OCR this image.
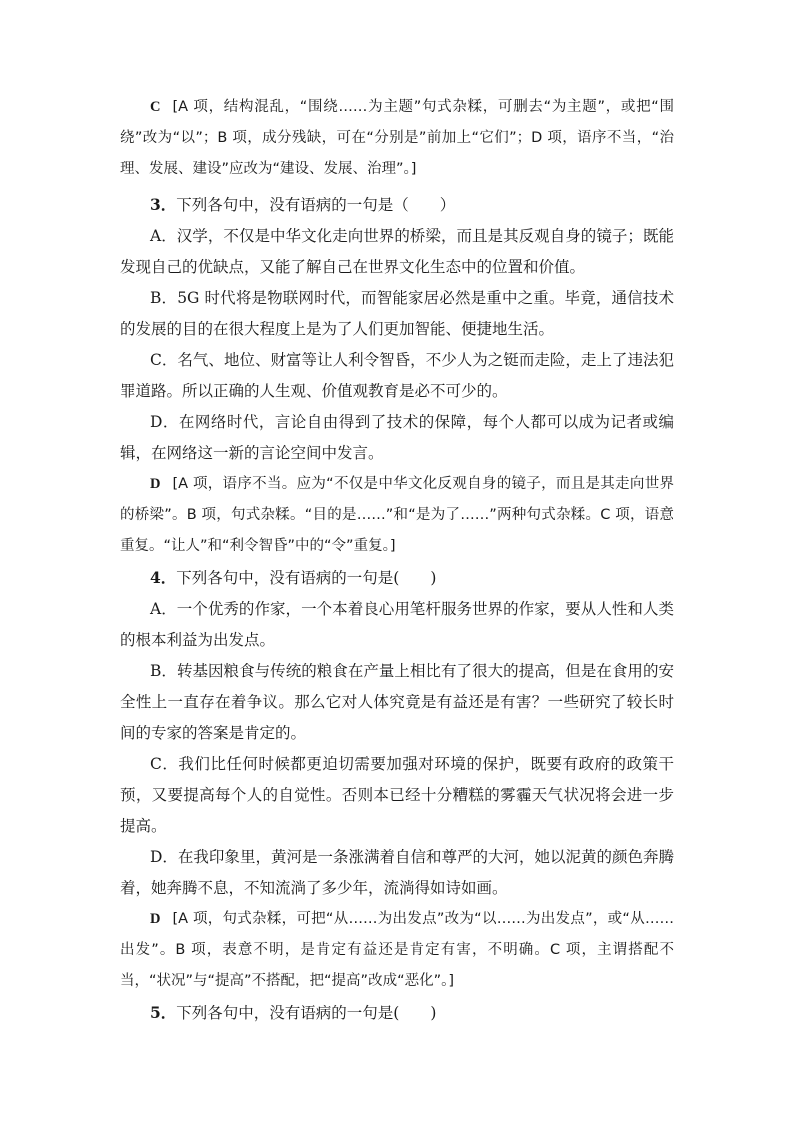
C [A 项，结构混乱，“围绕……为主题”句式杂糅，可删去“为主题”，或把“围绕”改为“以”；B 项，成分残缺，可在“分别是”前加上“它们”；D 项，语序不当，“治理、发展、建设”应改为“建设、发展、治理”。]

3．下列各句中，没有语病的一句是（　　）

A．汉学，不仅是中华文化走向世界的桥梁，而且是其反观自身的镜子；既能发现自己的优缺点，又能了解自己在世界文化生态中的位置和价值。

B．5G 时代将是物联网时代，而智能家居必然是重中之重。毕竟，通信技术的发展的目的在很大程度上是为了人们更加智能、便捷地生活。

C．名气、地位、财富等让人利令智昏，不少人为之铤而走险，走上了违法犯罪道路。所以正确的人生观、价值观教育是必不可少的。

D．在网络时代，言论自由得到了技术的保障，每个人都可以成为记者或编辑，在网络这一新的言论空间中发言。

D [A 项，语序不当。应为“不仅是中华文化反观自身的镜子，而且是其走向世界的桥梁”。B 项，句式杂糅。“目的是……”和“是为了……”两种句式杂糅。C 项，语意重复。“让人”和“利令智昏”中的“令”重复。]

4．下列各句中，没有语病的一句是(　　)

A．一个优秀的作家，一个本着良心用笔杆服务世界的作家，要从人性和人类的根本利益为出发点。

B．转基因粮食与传统的粮食在产量上相比有了很大的提高，但是在食用的安全性上一直存在着争议。那么它对人体究竟是有益还是有害？一些研究了较长时间的专家的答案是肯定的。

C．我们比任何时候都更迫切需要加强对环境的保护，既要有政府的政策干预，又要提高每个人的自觉性。否则本已经十分糟糕的雾霾天气状况将会进一步提高。

D．在我印象里，黄河是一条涨满着自信和尊严的大河，她以泥黄的颜色奔腾着，她奔腾不息，不知流淌了多少年，流淌得如诗如画。

D [A 项，句式杂糅，可把“从……为出发点”改为“以……为出发点”，或“从……出发”。B 项，表意不明，是肯定有益还是肯定有害，不明确。C 项，主谓搭配不当，“状况”与“提高”不搭配，把“提高”改成“恶化”。]

5．下列各句中，没有语病的一句是(　　)
